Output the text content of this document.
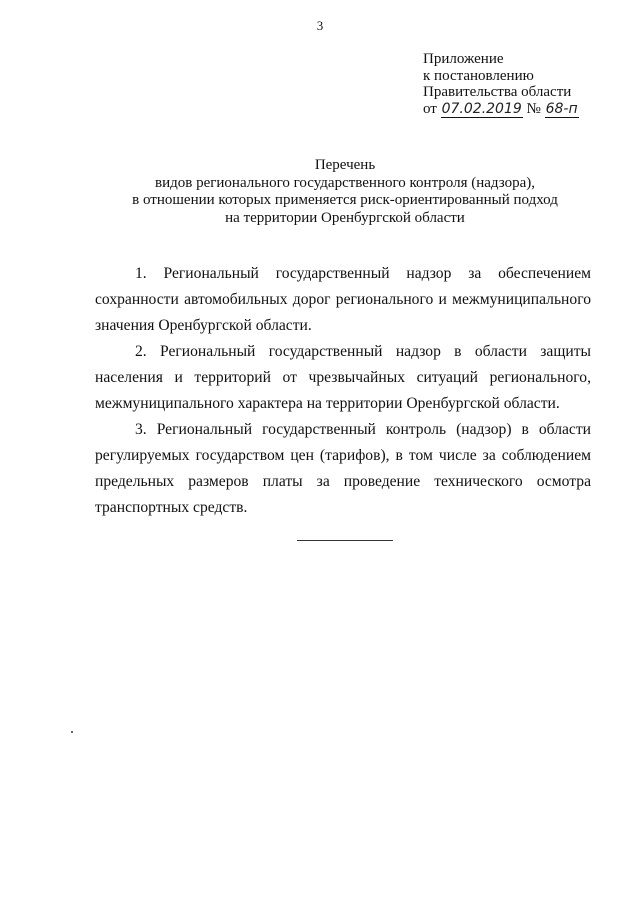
3
Приложение
к постановлению
Правительства области
от 07.02.2019 № 68-п
Перечень
видов регионального государственного контроля (надзора),
в отношении которых применяется риск-ориентированный подход
на территории Оренбургской области

1. Региональный государственный надзор за обеспечением сохранности автомобильных дорог регионального и межмуниципального значения Оренбургской области.

2. Региональный государственный надзор в области защиты населения и территорий от чрезвычайных ситуаций регионального, межмуниципального характера на территории Оренбургской области.

3. Региональный государственный контроль (надзор) в области регулируемых государством цен (тарифов), в том числе за соблюдением предельных размеров платы за проведение технического осмотра транспортных средств.
